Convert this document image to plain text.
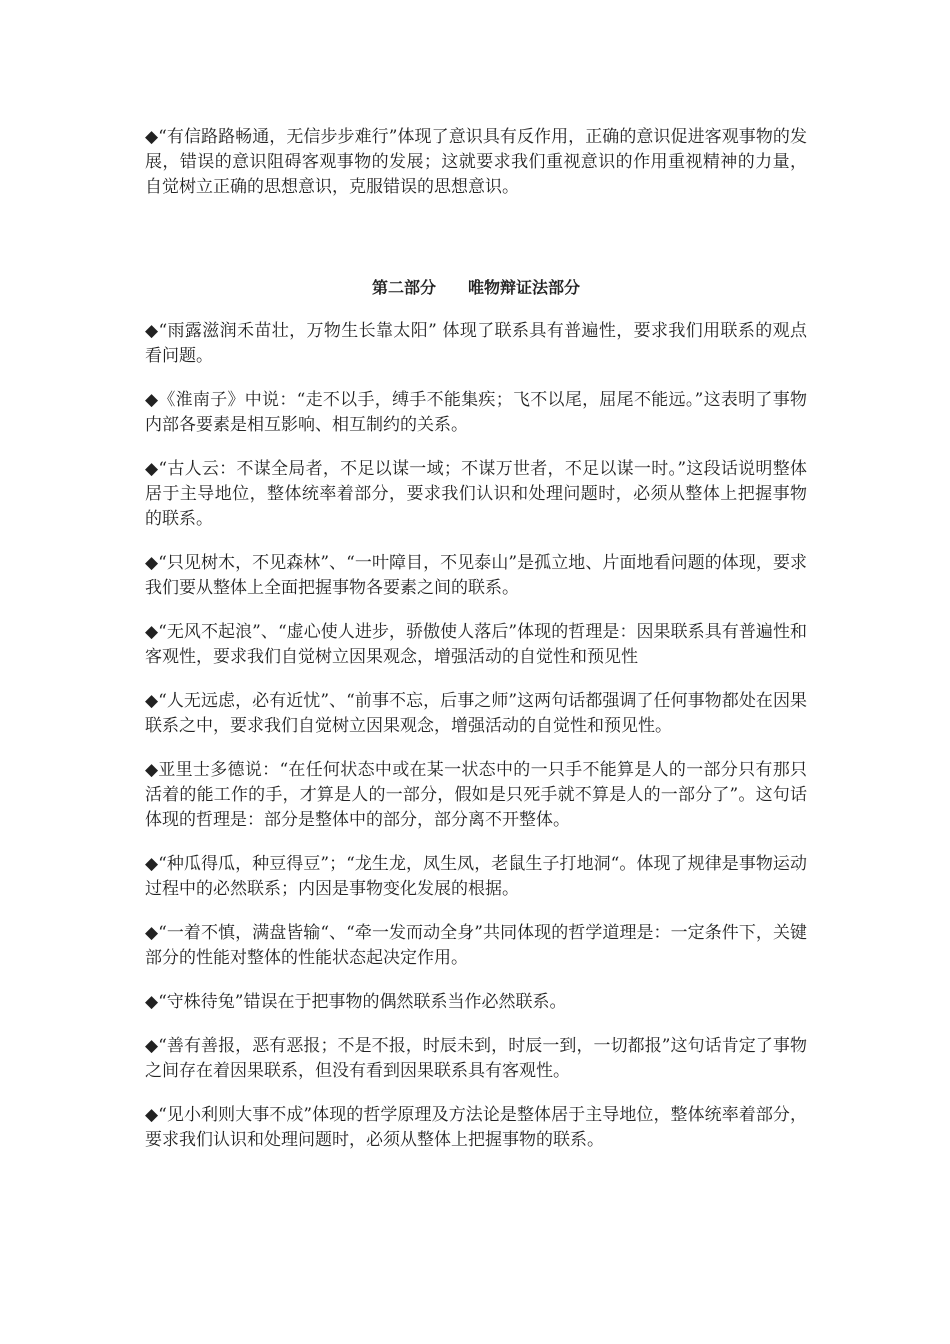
◆“有信路路畅通，无信步步难行”体现了意识具有反作用，正确的意识促进客观事物的发展，错误的意识阻碍客观事物的发展；这就要求我们重视意识的作用重视精神的力量，自觉树立正确的思想意识，克服错误的思想意识。

第二部分　　唯物辩证法部分

◆“雨露滋润禾苗壮，万物生长靠太阳” 体现了联系具有普遍性，要求我们用联系的观点看问题。

◆《淮南子》中说：“走不以手，缚手不能集疾；飞不以尾，屈尾不能远。”这表明了事物内部各要素是相互影响、相互制约的关系。

◆“古人云：不谋全局者，不足以谋一域；不谋万世者，不足以谋一时。”这段话说明整体居于主导地位，整体统率着部分，要求我们认识和处理问题时，必须从整体上把握事物的联系。

◆“只见树木，不见森林”、“一叶障目，不见泰山”是孤立地、片面地看问题的体现，要求我们要从整体上全面把握事物各要素之间的联系。

◆“无风不起浪”、“虚心使人进步，骄傲使人落后”体现的哲理是：因果联系具有普遍性和客观性，要求我们自觉树立因果观念，增强活动的自觉性和预见性

◆“人无远虑，必有近忧”、“前事不忘，后事之师”这两句话都强调了任何事物都处在因果联系之中，要求我们自觉树立因果观念，增强活动的自觉性和预见性。

◆亚里士多德说：“在任何状态中或在某一状态中的一只手不能算是人的一部分只有那只活着的能工作的手，才算是人的一部分，假如是只死手就不算是人的一部分了”。这句话体现的哲理是：部分是整体中的部分，部分离不开整体。

◆“种瓜得瓜，种豆得豆”；“龙生龙，凤生凤，老鼠生子打地洞“。体现了规律是事物运动过程中的必然联系；内因是事物变化发展的根据。

◆“一着不慎，满盘皆输“、“牵一发而动全身”共同体现的哲学道理是：一定条件下，关键部分的性能对整体的性能状态起决定作用。

◆“守株待兔”错误在于把事物的偶然联系当作必然联系。

◆“善有善报，恶有恶报；不是不报，时辰未到，时辰一到，一切都报”这句话肯定了事物之间存在着因果联系，但没有看到因果联系具有客观性。

◆“见小利则大事不成”体现的哲学原理及方法论是整体居于主导地位，整体统率着部分，要求我们认识和处理问题时，必须从整体上把握事物的联系。
